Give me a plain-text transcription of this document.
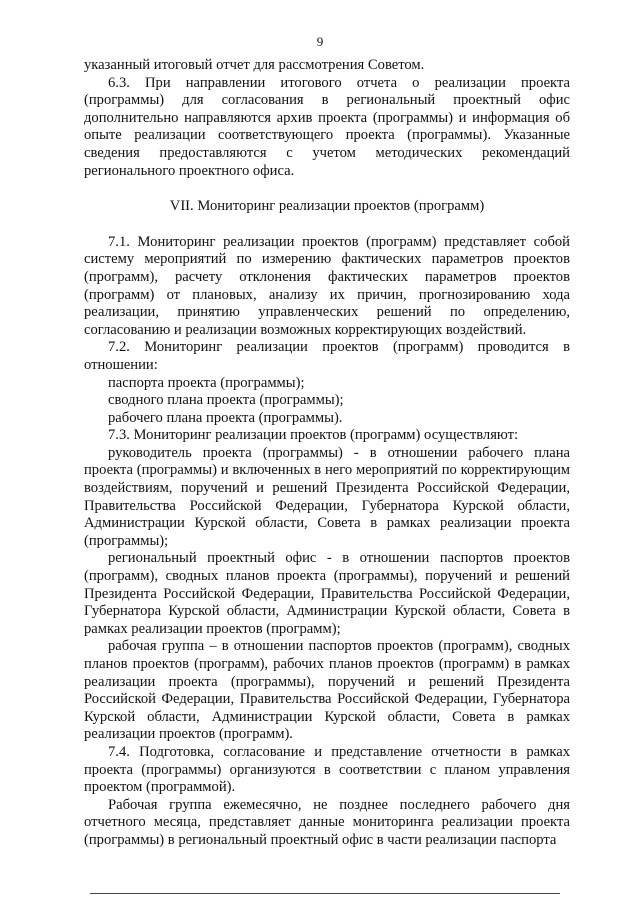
9

указанный итоговый отчет для рассмотрения Советом.

6.3. При направлении итогового отчета о реализации проекта (программы) для согласования в региональный проектный офис дополнительно направляются архив проекта (программы) и информация об опыте реализации соответствующего проекта (программы). Указанные сведения предоставляются с учетом методических рекомендаций регионального проектного офиса.

VII. Мониторинг реализации проектов (программ)

7.1. Мониторинг реализации проектов (программ) представляет собой систему мероприятий по измерению фактических параметров проектов (программ), расчету отклонения фактических параметров проектов (программ) от плановых, анализу их причин, прогнозированию хода реализации, принятию управленческих решений по определению, согласованию и реализации возможных корректирующих воздействий.

7.2. Мониторинг реализации проектов (программ) проводится в отношении:

паспорта проекта (программы);

сводного плана проекта (программы);

рабочего плана проекта (программы).

7.3. Мониторинг реализации проектов (программ) осуществляют:

руководитель проекта (программы) - в отношении рабочего плана проекта (программы) и включенных в него мероприятий по корректирующим воздействиям, поручений и решений Президента Российской Федерации, Правительства Российской Федерации, Губернатора Курской области, Администрации Курской области, Совета в рамках реализации проекта (программы);

региональный проектный офис - в отношении паспортов проектов (программ), сводных планов проекта (программы), поручений и решений Президента Российской Федерации, Правительства Российской Федерации, Губернатора Курской области, Администрации Курской области, Совета в рамках реализации проектов (программ);

рабочая группа – в отношении паспортов проектов (программ), сводных планов проектов (программ), рабочих планов проектов (программ) в рамках реализации проекта (программы), поручений и решений Президента Российской Федерации, Правительства Российской Федерации, Губернатора Курской области, Администрации Курской области, Совета в рамках реализации проектов (программ).

7.4. Подготовка, согласование и представление отчетности в рамках проекта (программы) организуются в соответствии с планом управления проектом (программой).

Рабочая группа ежемесячно, не позднее последнего рабочего дня отчетного месяца, представляет данные мониторинга реализации проекта (программы) в региональный проектный офис в части реализации паспорта
